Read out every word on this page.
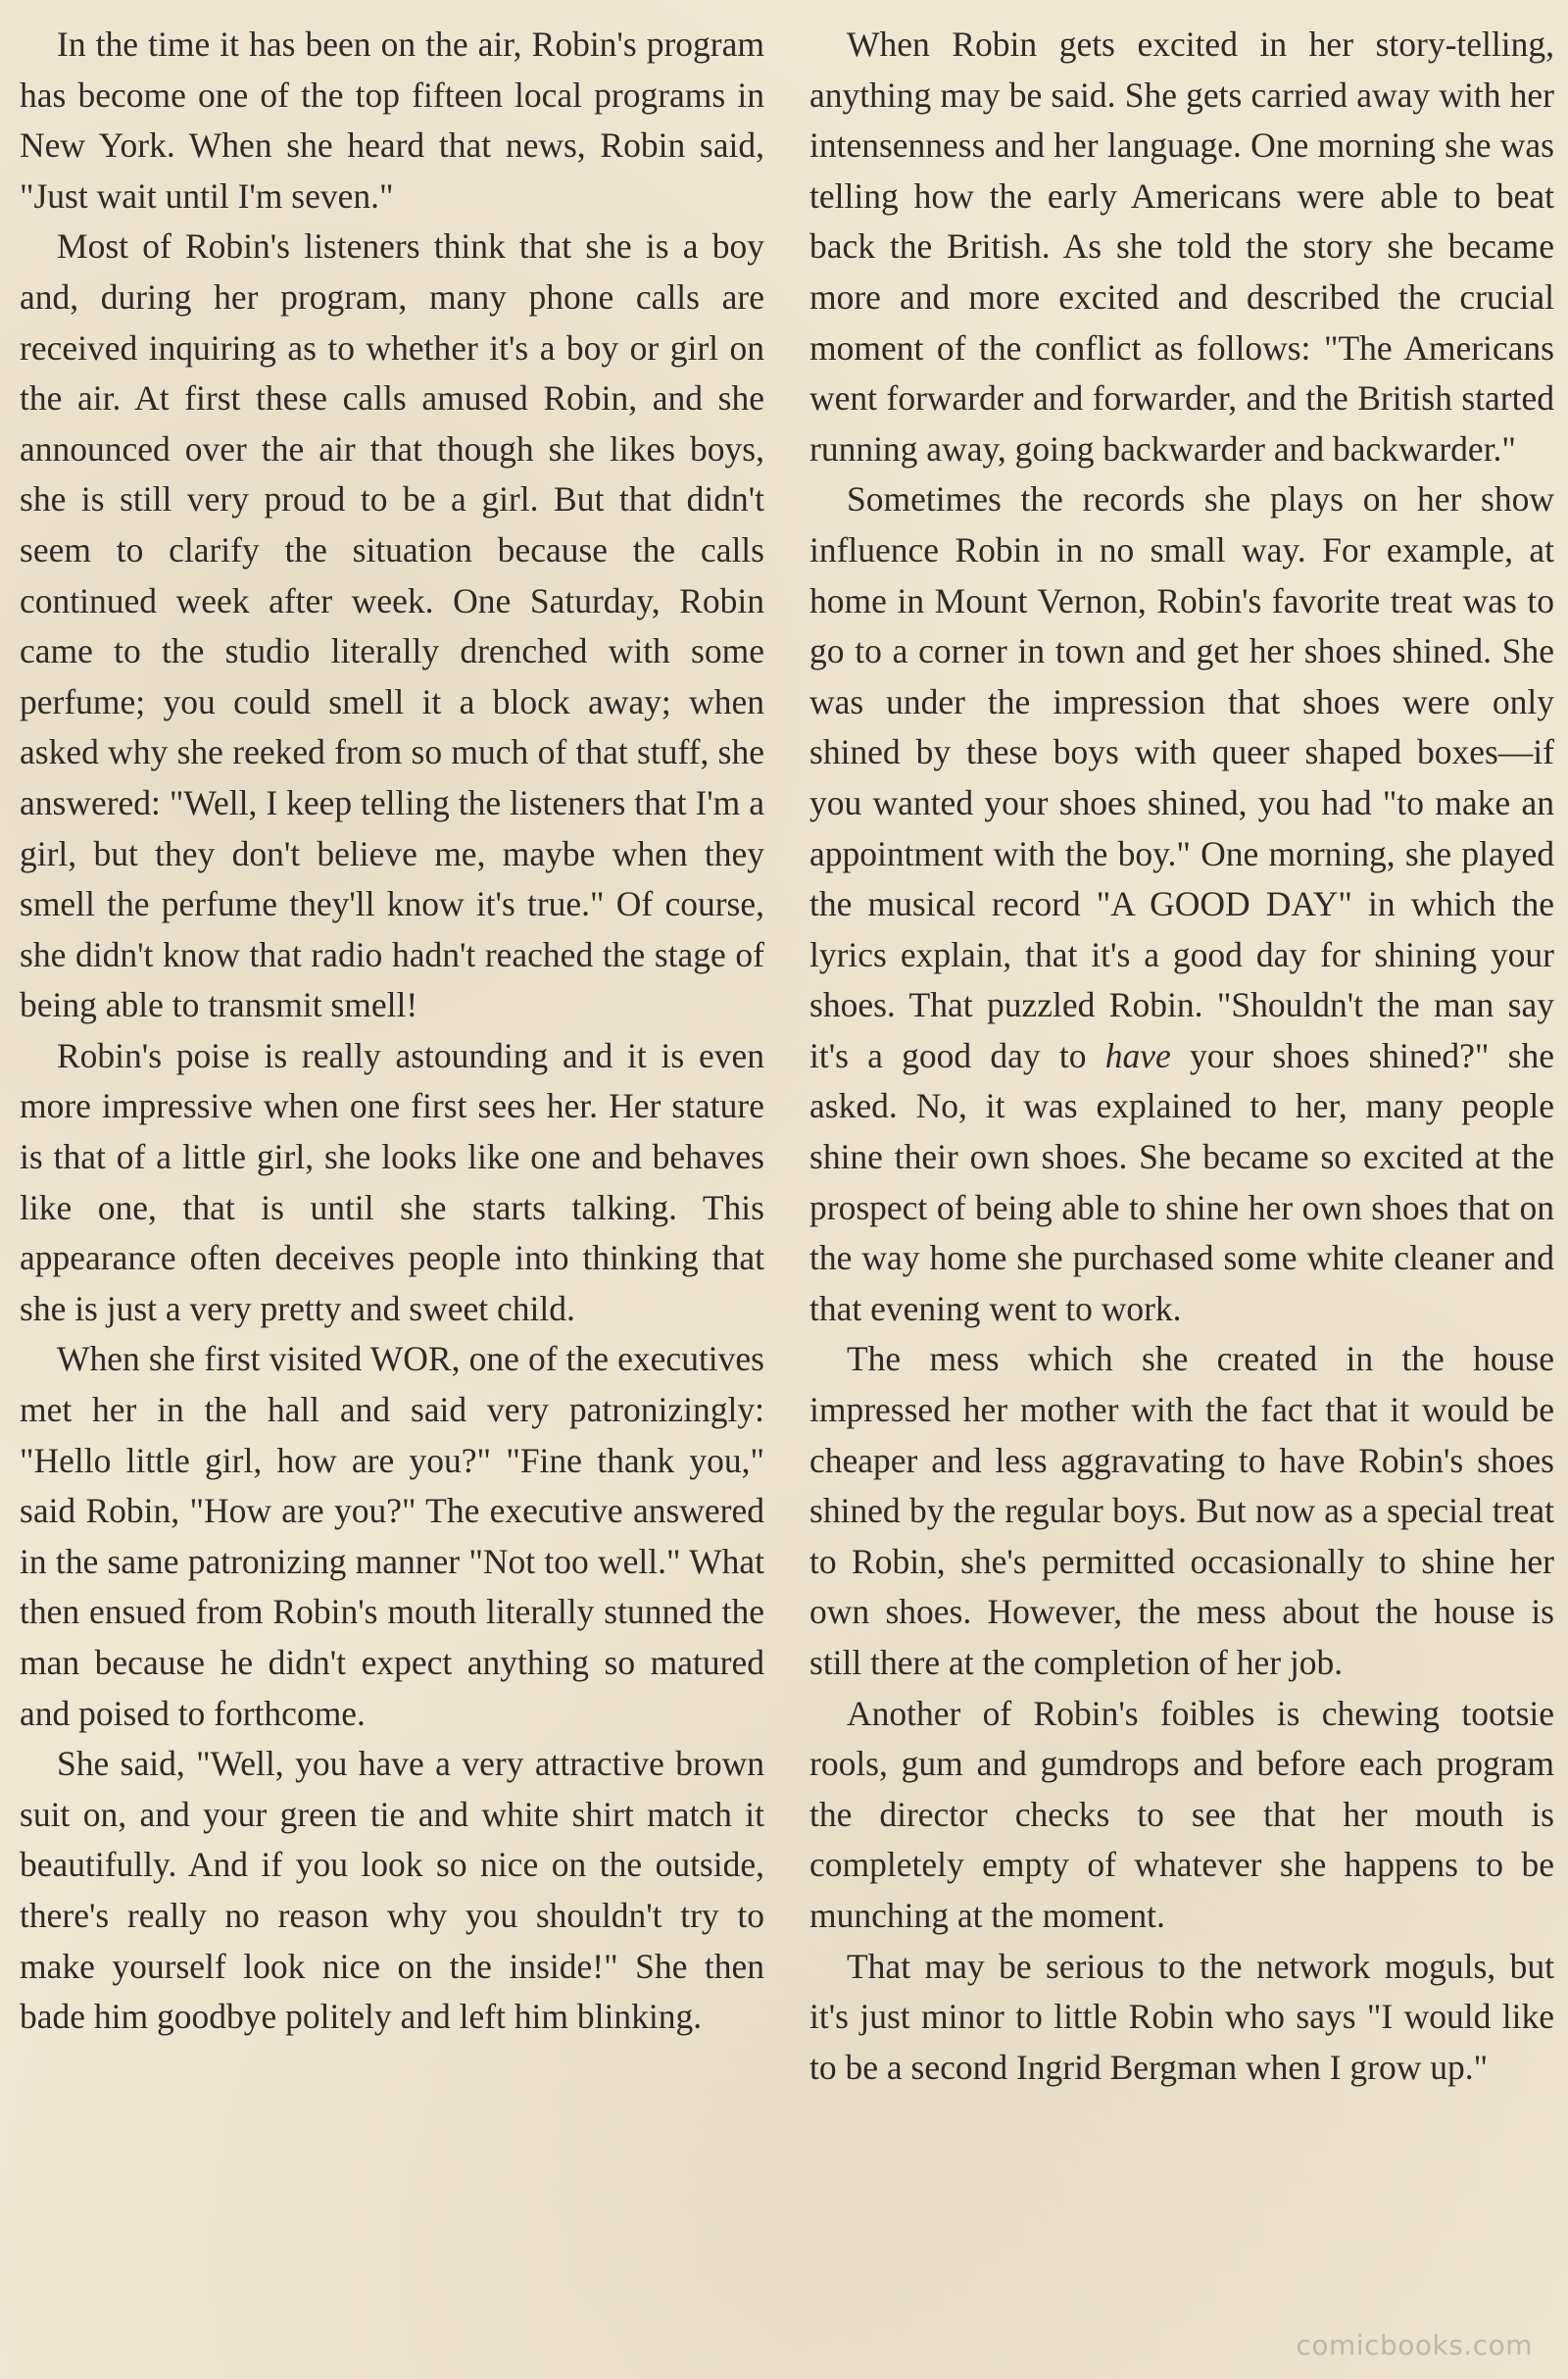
In the time it has been on the air, Robin's program has become one of the top fifteen local programs in New York. When she heard that news, Robin said, "Just wait until I'm seven."

Most of Robin's listeners think that she is a boy and, during her program, many phone calls are received inquiring as to whether it's a boy or girl on the air. At first these calls amused Robin, and she announced over the air that though she likes boys, she is still very proud to be a girl. But that didn't seem to clarify the situation because the calls continued week after week. One Saturday, Robin came to the studio literally drenched with some perfume; you could smell it a block away; when asked why she reeked from so much of that stuff, she answered: "Well, I keep telling the listeners that I'm a girl, but they don't believe me, maybe when they smell the perfume they'll know it's true." Of course, she didn't know that radio hadn't reached the stage of being able to transmit smell!

Robin's poise is really astounding and it is even more impressive when one first sees her. Her stature is that of a little girl, she looks like one and behaves like one, that is until she starts talking. This appearance often deceives people into thinking that she is just a very pretty and sweet child.

When she first visited WOR, one of the executives met her in the hall and said very patronizingly: "Hello little girl, how are you?" "Fine thank you," said Robin, "How are you?" The executive answered in the same patronizing manner "Not too well." What then ensued from Robin's mouth literally stunned the man because he didn't expect anything so matured and poised to forthcome.

She said, "Well, you have a very attractive brown suit on, and your green tie and white shirt match it beautifully. And if you look so nice on the outside, there's really no reason why you shouldn't try to make yourself look nice on the inside!" She then bade him goodbye politely and left him blinking.

When Robin gets excited in her story-telling, anything may be said. She gets carried away with her intensenness and her language. One morning she was telling how the early Americans were able to beat back the British. As she told the story she became more and more excited and described the crucial moment of the conflict as follows: "The Americans went forwarder and forwarder, and the British started running away, going backwarder and backwarder."

Sometimes the records she plays on her show influence Robin in no small way. For example, at home in Mount Vernon, Robin's favorite treat was to go to a corner in town and get her shoes shined. She was under the impression that shoes were only shined by these boys with queer shaped boxes—if you wanted your shoes shined, you had "to make an appointment with the boy." One morning, she played the musical record "A GOOD DAY" in which the lyrics explain, that it's a good day for shining your shoes. That puzzled Robin. "Shouldn't the man say it's a good day to have your shoes shined?" she asked. No, it was explained to her, many people shine their own shoes. She became so excited at the prospect of being able to shine her own shoes that on the way home she purchased some white cleaner and that evening went to work.

The mess which she created in the house impressed her mother with the fact that it would be cheaper and less aggravating to have Robin's shoes shined by the regular boys. But now as a special treat to Robin, she's permitted occasionally to shine her own shoes. However, the mess about the house is still there at the completion of her job.

Another of Robin's foibles is chewing tootsie rools, gum and gumdrops and before each program the director checks to see that her mouth is completely empty of whatever she happens to be munching at the moment.

That may be serious to the network moguls, but it's just minor to little Robin who says "I would like to be a second Ingrid Bergman when I grow up."

comicbooks.com
